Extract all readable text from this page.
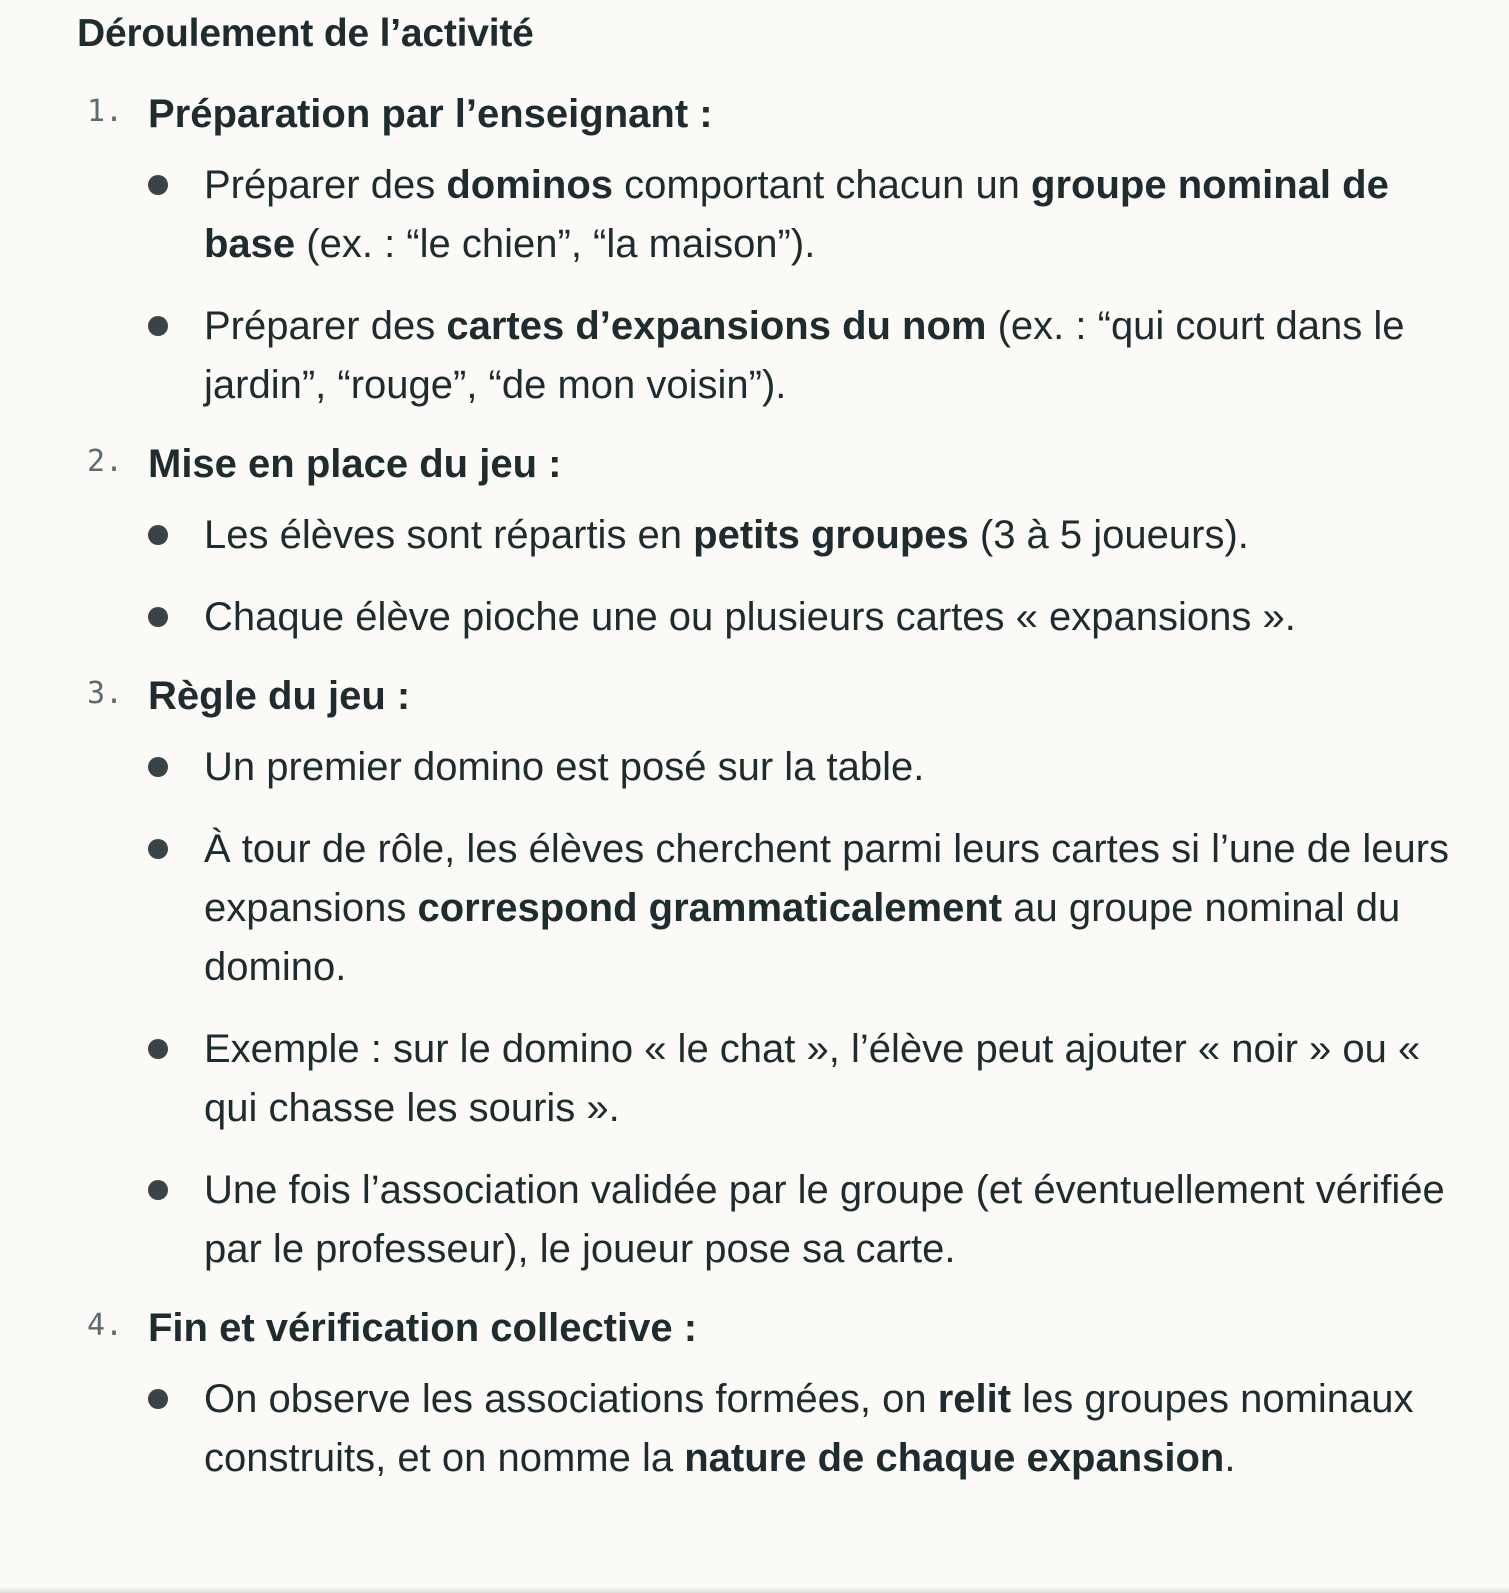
Déroulement de l’activité
1. Préparation par l’enseignant :
Préparer des dominos comportant chacun un groupe nominal de base (ex. : “le chien”, “la maison”).
Préparer des cartes d’expansions du nom (ex. : “qui court dans le jardin”, “rouge”, “de mon voisin”).
2. Mise en place du jeu :
Les élèves sont répartis en petits groupes (3 à 5 joueurs).
Chaque élève pioche une ou plusieurs cartes « expansions ».
3. Règle du jeu :
Un premier domino est posé sur la table.
À tour de rôle, les élèves cherchent parmi leurs cartes si l’une de leurs expansions correspond grammaticalement au groupe nominal du domino.
Exemple : sur le domino « le chat », l’élève peut ajouter « noir » ou « qui chasse les souris ».
Une fois l’association validée par le groupe (et éventuellement vérifiée par le professeur), le joueur pose sa carte.
4. Fin et vérification collective :
On observe les associations formées, on relit les groupes nominaux construits, et on nomme la nature de chaque expansion.
